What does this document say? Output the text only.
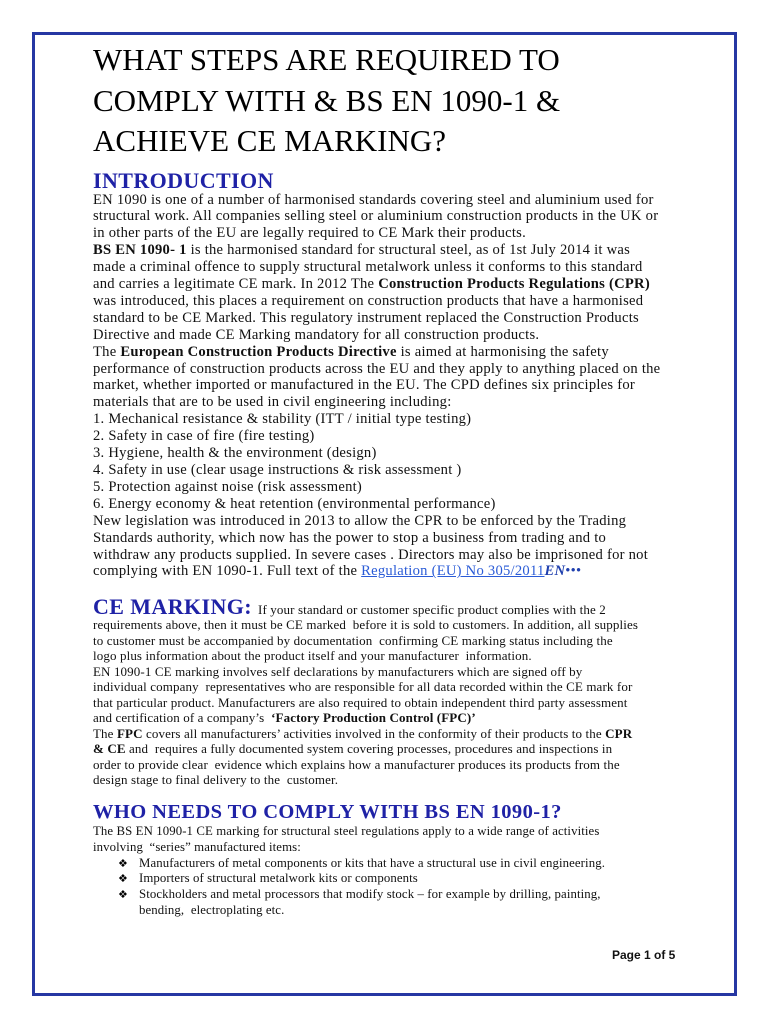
WHAT STEPS ARE REQUIRED TO
COMPLY WITH & BS EN 1090-1 &
ACHIEVE CE MARKING?
INTRODUCTION
EN 1090 is one of a number of harmonised standards covering steel and aluminium used for
structural work. All companies selling steel or aluminium construction products in the UK or
in other parts of the EU are legally required to CE Mark their products.
BS EN 1090- 1 is the harmonised standard for structural steel, as of 1st July 2014 it was
made a criminal offence to supply structural metalwork unless it conforms to this standard
and carries a legitimate CE mark. In 2012 The Construction Products Regulations (CPR)
was introduced, this places a requirement on construction products that have a harmonised
standard to be CE Marked. This regulatory instrument replaced the Construction Products
Directive and made CE Marking mandatory for all construction products.
The European Construction Products Directive is aimed at harmonising the safety
performance of construction products across the EU and they apply to anything placed on the
market, whether imported or manufactured in the EU. The CPD defines six principles for
materials that are to be used in civil engineering including:
1. Mechanical resistance & stability (ITT / initial type testing)
2. Safety in case of fire (fire testing)
3. Hygiene, health & the environment (design)
4. Safety in use (clear usage instructions & risk assessment )
5. Protection against noise (risk assessment)
6. Energy economy & heat retention (environmental performance)
New legislation was introduced in 2013 to allow the CPR to be enforced by the Trading
Standards authority, which now has the power to stop a business from trading and to
withdraw any products supplied. In severe cases . Directors may also be imprisoned for not
complying with EN 1090-1. Full text of the Regulation (EU) No 305/2011EN•••
CE MARKING: If your standard or customer specific product complies with the 2
requirements above, then it must be CE marked  before it is sold to customers. In addition, all supplies
to customer must be accompanied by documentation  confirming CE marking status including the
logo plus information about the product itself and your manufacturer  information.
EN 1090-1 CE marking involves self declarations by manufacturers which are signed off by
individual company  representatives who are responsible for all data recorded within the CE mark for
that particular product. Manufacturers are also required to obtain independent third party assessment
and certification of a company’s  ‘Factory Production Control (FPC)’
The FPC covers all manufacturers’ activities involved in the conformity of their products to the CPR
& CE and  requires a fully documented system covering processes, procedures and inspections in
order to provide clear  evidence which explains how a manufacturer produces its products from the
design stage to final delivery to the  customer.
WHO NEEDS TO COMPLY WITH BS EN 1090-1?
The BS EN 1090-1 CE marking for structural steel regulations apply to a wide range of activities
involving  “series” manufactured items:
❖ Manufacturers of metal components or kits that have a structural use in civil engineering.
❖ Importers of structural metalwork kits or components
❖ Stockholders and metal processors that modify stock – for example by drilling, painting,
bending,  electroplating etc.
Page 1 of 5
